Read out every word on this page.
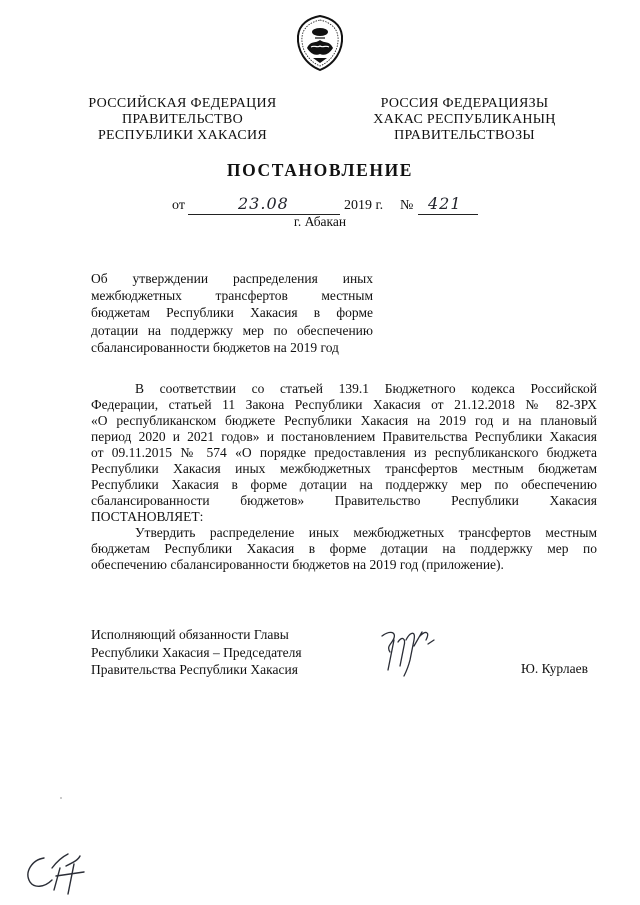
РОССИЙСКАЯ ФЕДЕРАЦИЯ
ПРАВИТЕЛЬСТВО
РЕСПУБЛИКИ ХАКАСИЯ
РОССИЯ ФЕДЕРАЦИЯЗЫ
ХАКАС РЕСПУБЛИКАНЫҢ
ПРАВИТЕЛЬСТВОЗЫ
ПОСТАНОВЛЕНИЕ
от	23.08	2019 г. № 421
г. Абакан
Об утверждении распределения иных
межбюджетных трансфертов местным
бюджетам Республики Хакасия в форме
дотации на поддержку мер по обеспечению
сбалансированности бюджетов на 2019 год
В соответствии со статьей 139.1 Бюджетного кодекса Российской
Федерации, статьей 11 Закона Республики Хакасия от 21.12.2018 № 82-ЗРХ
«О республиканском бюджете Республики Хакасия на 2019 год и на плановый
период 2020 и 2021 годов» и постановлением Правительства Республики Хакасия
от 09.11.2015 № 574 «О порядке предоставления из республиканского бюджета
Республики Хакасия иных межбюджетных трансфертов местным бюджетам
Республики Хакасия в форме дотации на поддержку мер по обеспечению
сбалансированности бюджетов» Правительство Республики Хакасия
ПОСТАНОВЛЯЕТ:
Утвердить распределение иных межбюджетных трансфертов местным
бюджетам Республики Хакасия в форме дотации на поддержку мер по
обеспечению сбалансированности бюджетов на 2019 год (приложение).
Исполняющий обязанности Главы
Республики Хакасия – Председателя
Правительства Республики Хакасия	Ю. Курлаев
